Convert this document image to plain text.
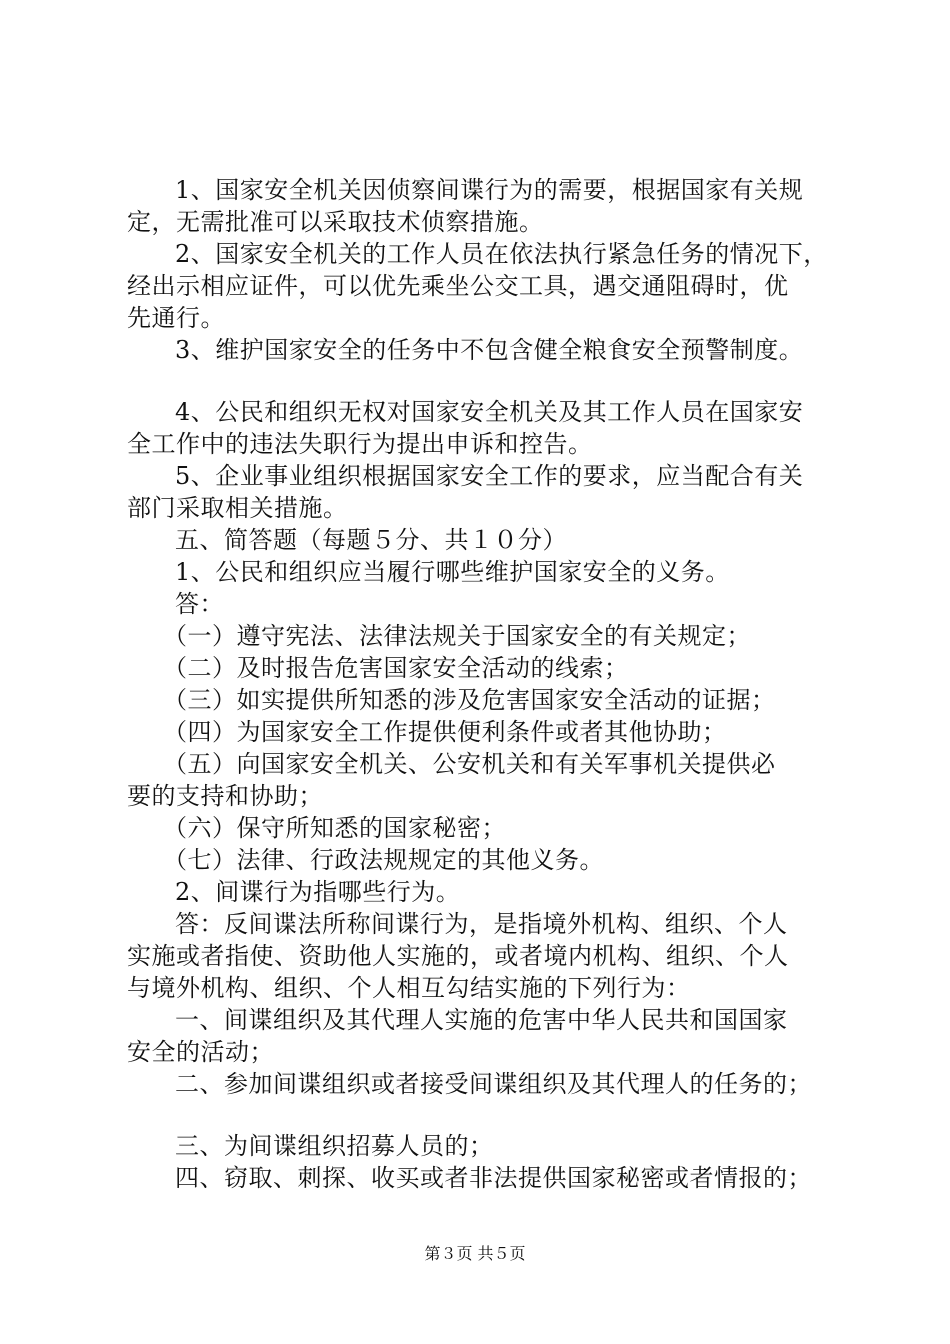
1、国家安全机关因侦察间谍行为的需要，根据国家有关规
定，无需批准可以采取技术侦察措施。
2、国家安全机关的工作人员在依法执行紧急任务的情况下，
经出示相应证件，可以优先乘坐公交工具，遇交通阻碍时，优
先通行。
3、维护国家安全的任务中不包含健全粮食安全预警制度。
4、公民和组织无权对国家安全机关及其工作人员在国家安
全工作中的违法失职行为提出申诉和控告。
5、企业事业组织根据国家安全工作的要求，应当配合有关
部门采取相关措施。
五、简答题（每题５分、共１０分）
1、公民和组织应当履行哪些维护国家安全的义务。
答：
（一）遵守宪法、法律法规关于国家安全的有关规定；
（二）及时报告危害国家安全活动的线索；
（三）如实提供所知悉的涉及危害国家安全活动的证据；
（四）为国家安全工作提供便利条件或者其他协助；
（五）向国家安全机关、公安机关和有关军事机关提供必
要的支持和协助；
（六）保守所知悉的国家秘密；
（七）法律、行政法规规定的其他义务。
2、间谍行为指哪些行为。
答：反间谍法所称间谍行为，是指境外机构、组织、个人
实施或者指使、资助他人实施的，或者境内机构、组织、个人
与境外机构、组织、个人相互勾结实施的下列行为：
一、间谍组织及其代理人实施的危害中华人民共和国国家
安全的活动；
二、参加间谍组织或者接受间谍组织及其代理人的任务的；
三、为间谍组织招募人员的；
四、窃取、刺探、收买或者非法提供国家秘密或者情报的；
第３页 共５页
